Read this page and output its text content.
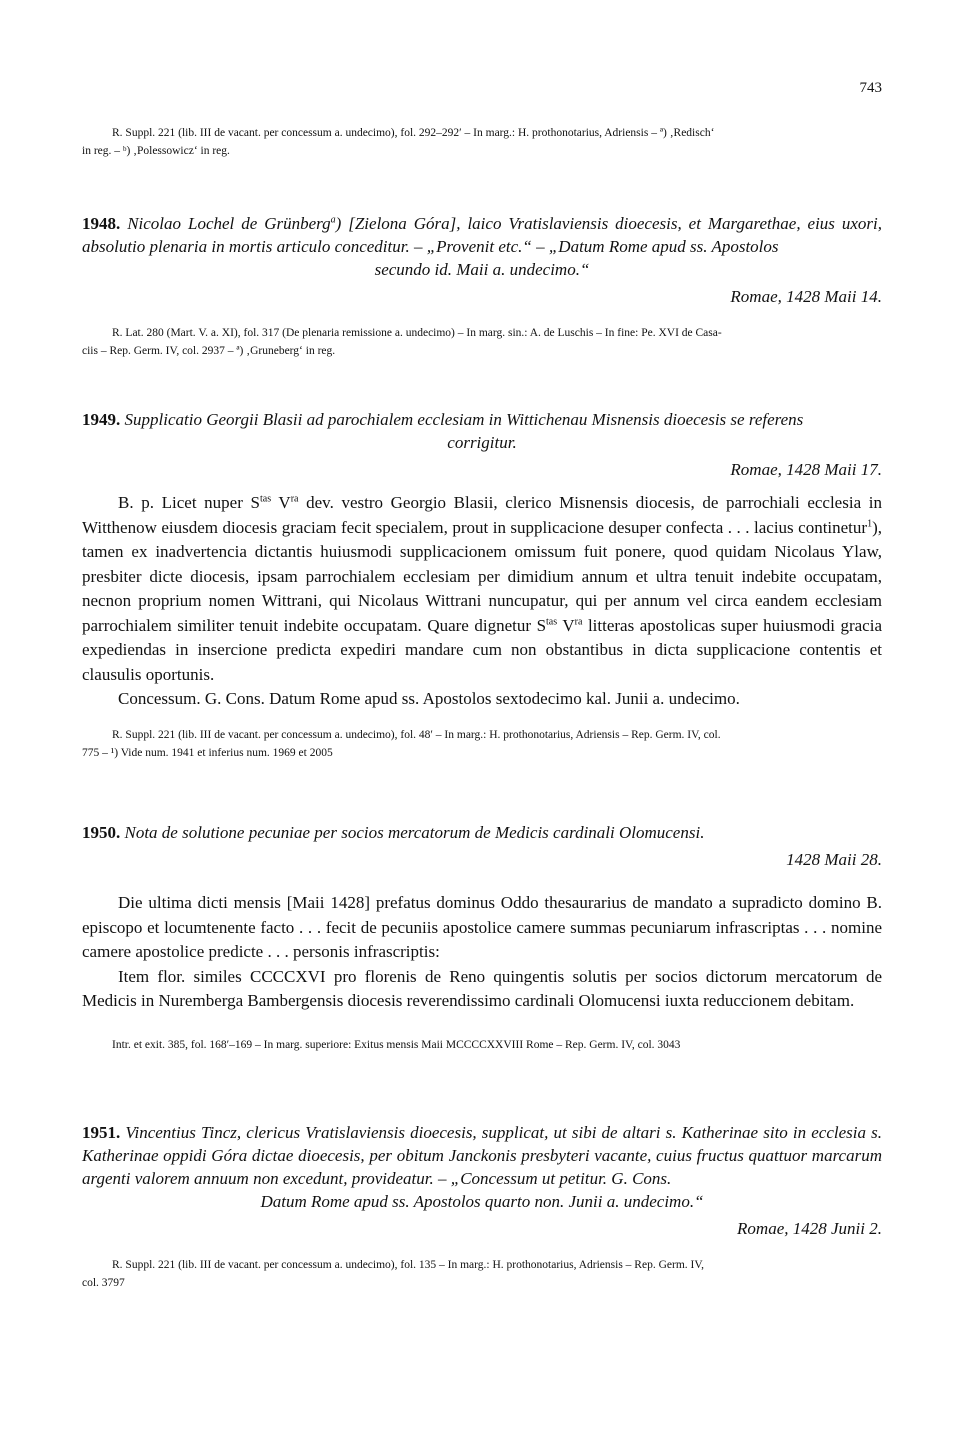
743
R. Suppl. 221 (lib. III de vacant. per concessum a. undecimo), fol. 292–292′ – In marg.: H. prothonotarius, Adriensis – ª) ‚Redisch‘
in reg. – ᵇ) ‚Polessowicz‘ in reg.
1948. Nicolao Lochel de Grünberg$^a$) [Zielona Góra], laico Vratislaviensis dioecesis, et Margarethae, eius uxori, absolutio plenaria in mortis articulo conceditur. – „Provenit etc.“ – „Datum Rome apud ss. Apostolos
secundo id. Maii a. undecimo.“
Romae, 1428 Maii 14.
R. Lat. 280 (Mart. V. a. XI), fol. 317 (De plenaria remissione a. undecimo) – In marg. sin.: A. de Luschis – In fine: Pe. XVI de Casa-
ciis – Rep. Germ. IV, col. 2937 – ª) ‚Gruneberg‘ in reg.
1949. Supplicatio Georgii Blasii ad parochialem ecclesiam in Wittichenau Misnensis dioecesis se referens
corrigitur.
Romae, 1428 Maii 17.

B. p. Licet nuper $S^{tas}$ $V^{ra}$ dev. vestro Georgio Blasii, clerico Misnensis diocesis, de parrochiali ecclesia in Witthenow eiusdem diocesis graciam fecit specialem, prout in supplicacione desuper confecta . . . lacius continetur$^1$), tamen ex inadvertencia dictantis huiusmodi supplicacionem omissum fuit ponere, quod quidam Nicolaus Ylaw, presbiter dicte diocesis, ipsam parrochialem ecclesiam per dimidium annum et ultra tenuit indebite occupatam, necnon proprium nomen Wittrani, qui Nicolaus Wittrani nuncupatur, qui per annum vel circa eandem ecclesiam parrochialem similiter tenuit indebite occupatam. Quare dignetur $S^{tas}$ $V^{ra}$ litteras apostolicas super huiusmodi gracia expediendas in insercione predicta expediri mandare cum non obstantibus in dicta supplicacione contentis et clausulis oportunis.

Concessum. G. Cons. Datum Rome apud ss. Apostolos sextodecimo kal. Junii a. undecimo.

R. Suppl. 221 (lib. III de vacant. per concessum a. undecimo), fol. 48′ – In marg.: H. prothonotarius, Adriensis – Rep. Germ. IV, col.
775 – ¹) Vide num. 1941 et inferius num. 1969 et 2005
1950. Nota de solutione pecuniae per socios mercatorum de Medicis cardinali Olomucensi.
1428 Maii 28.

Die ultima dicti mensis [Maii 1428] prefatus dominus Oddo thesaurarius de mandato a supradicto domino B. episcopo et locumtenente facto . . . fecit de pecuniis apostolice camere summas pecuniarum infrascriptas . . . nomine camere apostolice predicte . . . personis infrascriptis:

Item flor. similes CCCCXVI pro florenis de Reno quingentis solutis per socios dictorum mercatorum de Medicis in Nuremberga Bambergensis diocesis reverendissimo cardinali Olomucensi iuxta reduccionem debitam.

Intr. et exit. 385, fol. 168′–169 – In marg. superiore: Exitus mensis Maii MCCCCXXVIII Rome – Rep. Germ. IV, col. 3043
1951. Vincentius Tincz, clericus Vratislaviensis dioecesis, supplicat, ut sibi de altari s. Katherinae sito in ecclesia s. Katherinae oppidi Góra dictae dioecesis, per obitum Janckonis presbyteri vacante, cuius fructus quattuor marcarum argenti valorem annuum non excedunt, provideatur. – „Concessum ut petitur. G. Cons.
Datum Rome apud ss. Apostolos quarto non. Junii a. undecimo.“
Romae, 1428 Junii 2.
R. Suppl. 221 (lib. III de vacant. per concessum a. undecimo), fol. 135 – In marg.: H. prothonotarius, Adriensis – Rep. Germ. IV,
col. 3797
